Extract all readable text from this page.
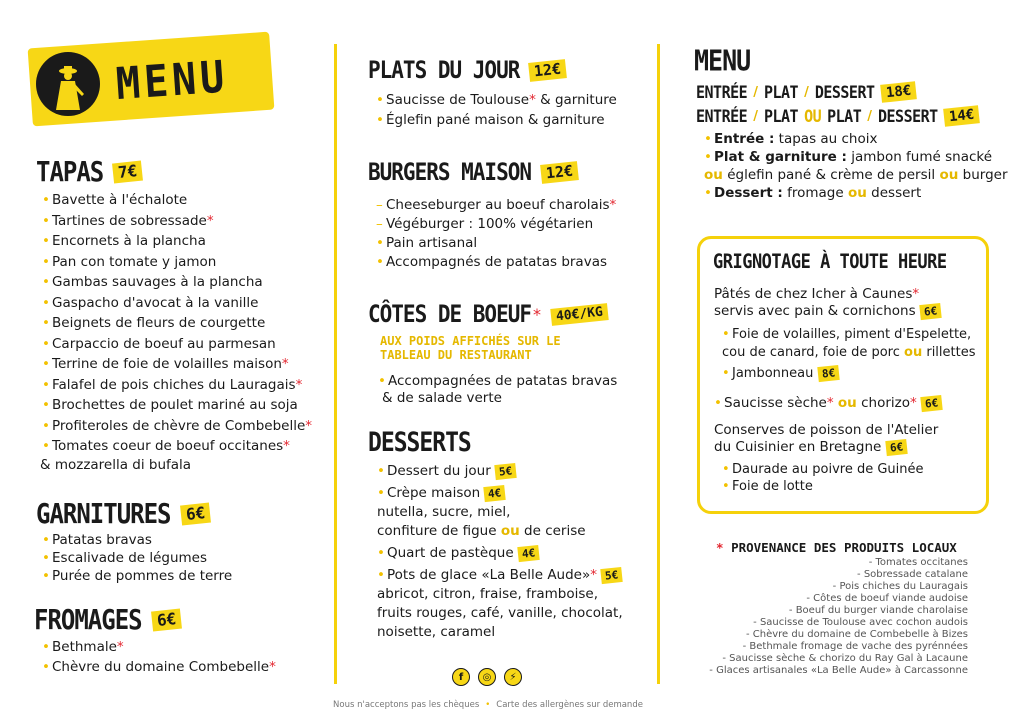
MENU
TAPAS 7€
• Bavette à l'échalote
• Tartines de sobressade*
• Encornets à la plancha
• Pan con tomate y jamon
• Gambas sauvages à la plancha
• Gaspacho d'avocat à la vanille
• Beignets de fleurs de courgette
• Carpaccio de boeuf au parmesan
• Terrine de foie de volailles maison*
• Falafel de pois chiches du Lauragais*
• Brochettes de poulet mariné au soja
• Profiteroles de chèvre de Combebelle*
• Tomates coeur de boeuf occitanes*
& mozzarella di bufala
GARNITURES 6€
• Patatas bravas
• Escalivade de légumes
• Purée de pommes de terre
FROMAGES 6€
• Bethmale*
• Chèvre du domaine Combebelle*
PLATS DU JOUR 12€
• Saucisse de Toulouse* & garniture
• Églefin pané maison & garniture
BURGERS MAISON 12€
– Cheeseburger au boeuf charolais*
– Végéburger : 100% végétarien
• Pain artisanal
• Accompagnés de patatas bravas
CÔTES DE BOEUF *	40€/KG
AUX POIDS AFFICHÉS SUR LE
TABLEAU DU RESTAURANT
• Accompagnées de patatas bravas
& de salade verte
DESSERTS
• Dessert du jour 5€
• Crèpe maison 4€
nutella, sucre, miel,
confiture de figue ou de cerise
• Quart de pastèque 4€
• Pots de glace «La Belle Aude»* 5€
abricot, citron, fraise, framboise,
fruits rouges, café, vanille, chocolat,
noisette, caramel
f	◎	⚡
MENU
ENTRÉE / PLAT / DESSERT 18€
ENTRÉE / PLAT OU PLAT / DESSERT 14€
• Entrée : tapas au choix
• Plat & garniture : jambon fumé snacké
ou églefin pané & crème de persil ou burger
• Dessert : fromage ou dessert
GRIGNOTAGE À TOUTE HEURE
Pâtés de chez Icher à Caunes*
servis avec pain & cornichons 6€
• Foie de volailles, piment d'Espelette,
cou de canard, foie de porc ou rillettes
• Jambonneau 8€
• Saucisse sèche* ou chorizo* 6€
Conserves de poisson de l'Atelier
du Cuisinier en Bretagne 6€
• Daurade au poivre de Guinée
• Foie de lotte
* PROVENANCE DES PRODUITS LOCAUX
- Tomates occitanes
- Sobressade catalane
- Pois chiches du Lauragais
- Côtes de boeuf viande audoise
- Boeuf du burger viande charolaise
- Saucisse de Toulouse avec cochon audois
- Chèvre du domaine de Combebelle à Bizes
- Bethmale fromage de vache des pyrénnées
- Saucisse sèche & chorizo du Ray Gal à Lacaune
- Glaces artisanales «La Belle Aude» à Carcassonne
Nous n'acceptons pas les chèques • Carte des allergènes sur demande
